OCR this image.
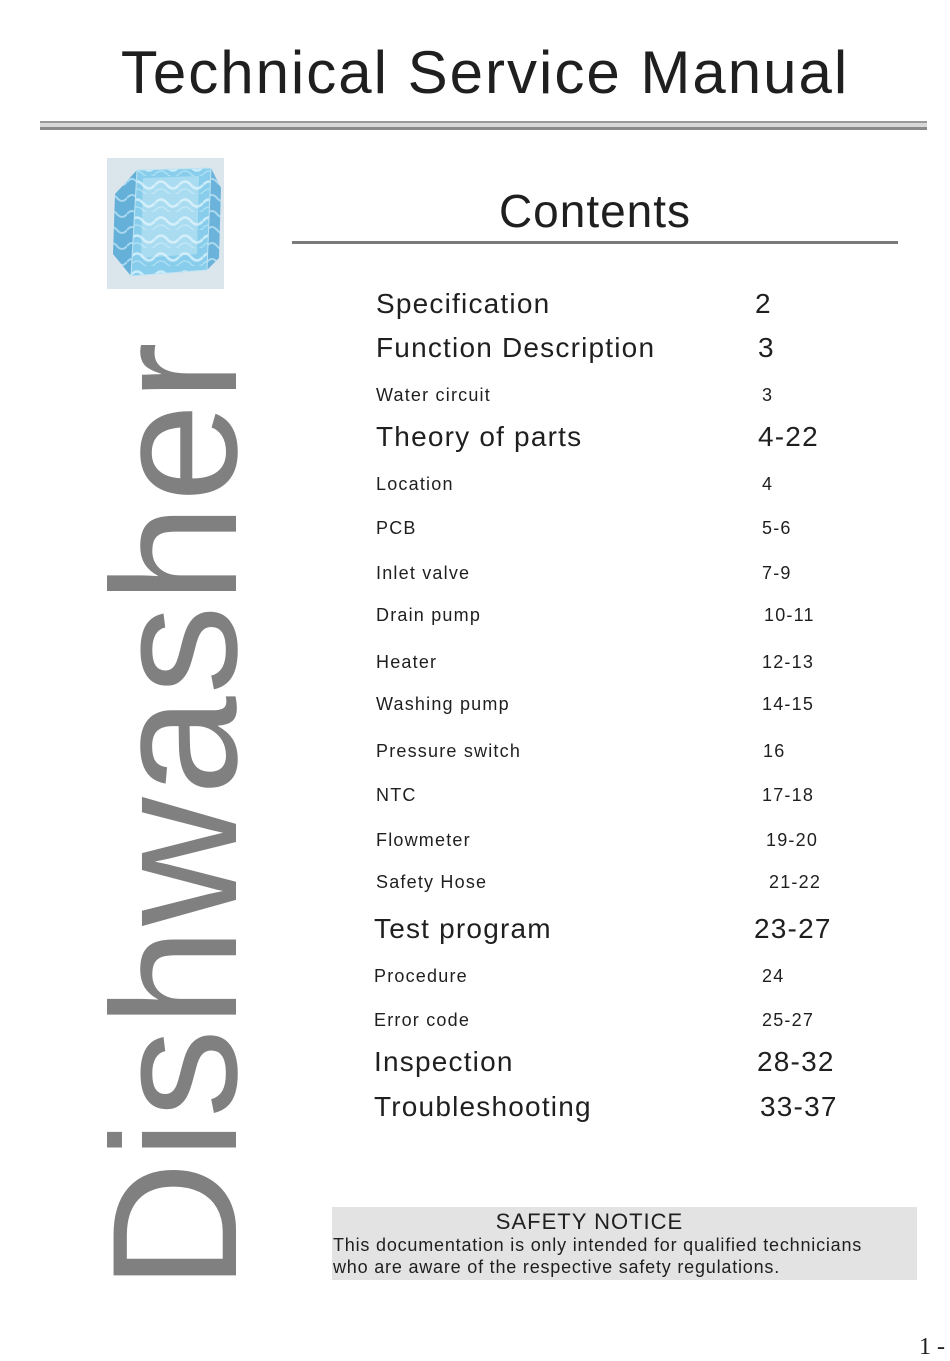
Technical Service Manual
Dishwasher
Contents
Specification	2
Function Description	3
Water circuit	3
Theory of parts	4-22
Location	4
PCB	5-6
Inlet valve	7-9
Drain pump	10-11
Heater	12-13
Washing pump	14-15
Pressure switch	16
NTC	17-18
Flowmeter	19-20
Safety Hose	21-22
Test program	23-27
Procedure	24
Error code	25-27
Inspection	28-32
Troubleshooting	33-37
SAFETY NOTICE
This documentation is only intended for qualified technicians
who are aware of the respective safety regulations.
1 -
